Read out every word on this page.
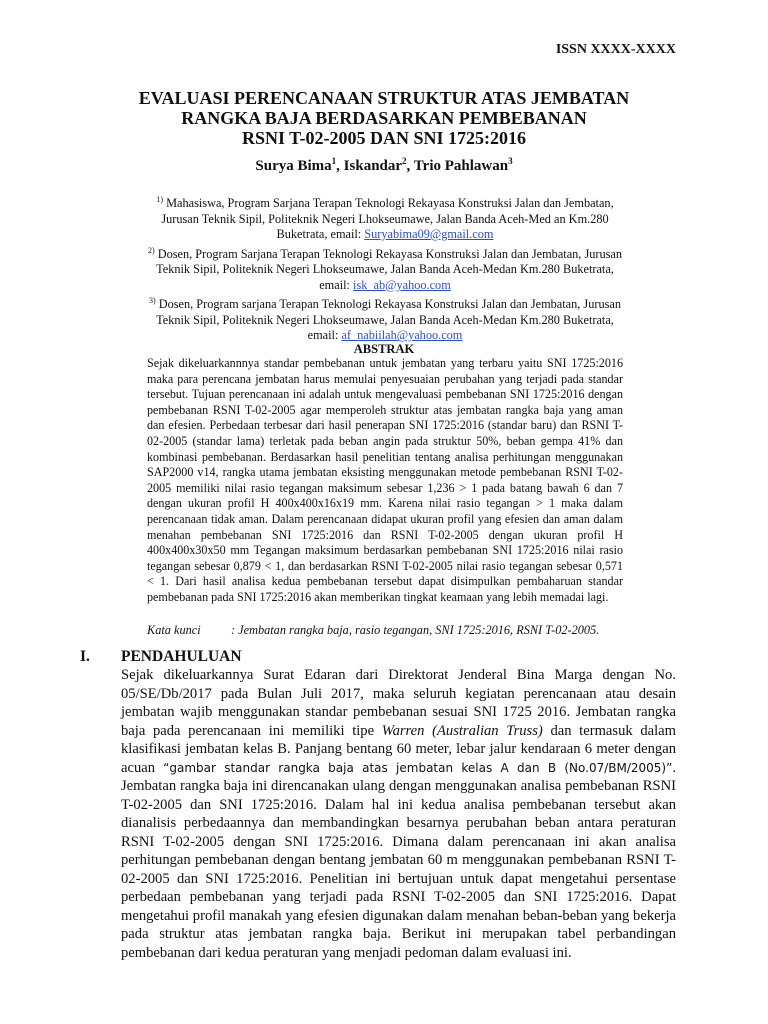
ISSN XXXX-XXXX
EVALUASI PERENCANAAN STRUKTUR ATAS JEMBATAN
RANGKA BAJA BERDASARKAN PEMBEBANAN
RSNI T-02-2005 DAN SNI 1725:2016
Surya Bima$^1$, Iskandar$^2$, Trio Pahlawan$^3$
$^{1)}$ Mahasiswa, Program Sarjana Terapan Teknologi Rekayasa Konstruksi Jalan dan Jembatan, Jurusan Teknik Sipil, Politeknik Negeri Lhokseumawe, Jalan Banda Aceh-Med an Km.280 Buketrata, email: Suryabima09@gmail.com
$^{2)}$ Dosen, Program Sarjana Terapan Teknologi Rekayasa Konstruksi Jalan dan Jembatan, Jurusan Teknik Sipil, Politeknik Negeri Lhokseumawe, Jalan Banda Aceh-Medan Km.280 Buketrata, email: isk_ab@yahoo.com
$^{3)}$ Dosen, Program sarjana Terapan Teknologi Rekayasa Konstruksi Jalan dan Jembatan, Jurusan Teknik Sipil, Politeknik Negeri Lhokseumawe, Jalan Banda Aceh-Medan Km.280 Buketrata, email: af_nabiilah@yahoo.com
ABSTRAK
Sejak dikeluarkannnya standar pembebanan untuk jembatan yang terbaru yaitu SNI 1725:2016 maka para perencana jembatan harus memulai penyesuaian perubahan yang terjadi pada standar tersebut. Tujuan perencanaan ini adalah untuk mengevaluasi pembebanan SNI 1725:2016 dengan pembebanan RSNI T-02-2005 agar memperoleh struktur atas jembatan rangka baja yang aman dan efesien. Perbedaan terbesar dari hasil penerapan SNI 1725:2016 (standar baru) dan RSNI T-02-2005 (standar lama) terletak pada beban angin pada struktur 50%, beban gempa 41% dan kombinasi pembebanan. Berdasarkan hasil penelitian tentang analisa perhitungan menggunakan SAP2000 v14, rangka utama jembatan eksisting menggunakan metode pembebanan RSNI T-02-2005 memiliki nilai rasio tegangan maksimum sebesar 1,236 > 1 pada batang bawah 6 dan 7 dengan ukuran profil H 400x400x16x19 mm. Karena nilai rasio tegangan > 1 maka dalam perencanaan tidak aman. Dalam perencanaan didapat ukuran profil yang efesien dan aman dalam menahan pembebanan SNI 1725:2016 dan RSNI T-02-2005 dengan ukuran profil H 400x400x30x50 mm Tegangan maksimum berdasarkan pembebanan SNI 1725:2016 nilai rasio tegangan sebesar 0,879 < 1, dan berdasarkan RSNI T-02-2005 nilai rasio tegangan sebesar 0,571 < 1. Dari hasil analisa kedua pembebanan tersebut dapat disimpulkan pembaharuan standar pembebanan pada SNI 1725:2016 akan memberikan tingkat keamaan yang lebih memadai lagi.
Kata kunci : Jembatan rangka baja, rasio tegangan, SNI 1725:2016, RSNI T-02-2005.
I. PENDAHULUAN
Sejak dikeluarkannya Surat Edaran dari Direktorat Jenderal Bina Marga dengan No. 05/SE/Db/2017 pada Bulan Juli 2017, maka seluruh kegiatan perencanaan atau desain jembatan wajib menggunakan standar pembebanan sesuai SNI 1725 2016. Jembatan rangka baja pada perencanaan ini memiliki tipe Warren (Australian Truss) dan termasuk dalam klasifikasi jembatan kelas B. Panjang bentang 60 meter, lebar jalur kendaraan 6 meter dengan acuan “gambar standar rangka baja atas jembatan kelas A dan B (No.07/BM/2005)”. Jembatan rangka baja ini direncanakan ulang dengan menggunakan analisa pembebanan RSNI T-02-2005 dan SNI 1725:2016. Dalam hal ini kedua analisa pembebanan tersebut akan dianalisis perbedaannya dan membandingkan besarnya perubahan beban antara peraturan RSNI T-02-2005 dengan SNI 1725:2016. Dimana dalam perencanaan ini akan analisa perhitungan pembebanan dengan bentang jembatan 60 m menggunakan pembebanan RSNI T-02-2005 dan SNI 1725:2016. Penelitian ini bertujuan untuk dapat mengetahui persentase perbedaan pembebanan yang terjadi pada RSNI T-02-2005 dan SNI 1725:2016. Dapat mengetahui profil manakah yang efesien digunakan dalam menahan beban-beban yang bekerja pada struktur atas jembatan rangka baja. Berikut ini merupakan tabel perbandingan pembebanan dari kedua peraturan yang menjadi pedoman dalam evaluasi ini.
